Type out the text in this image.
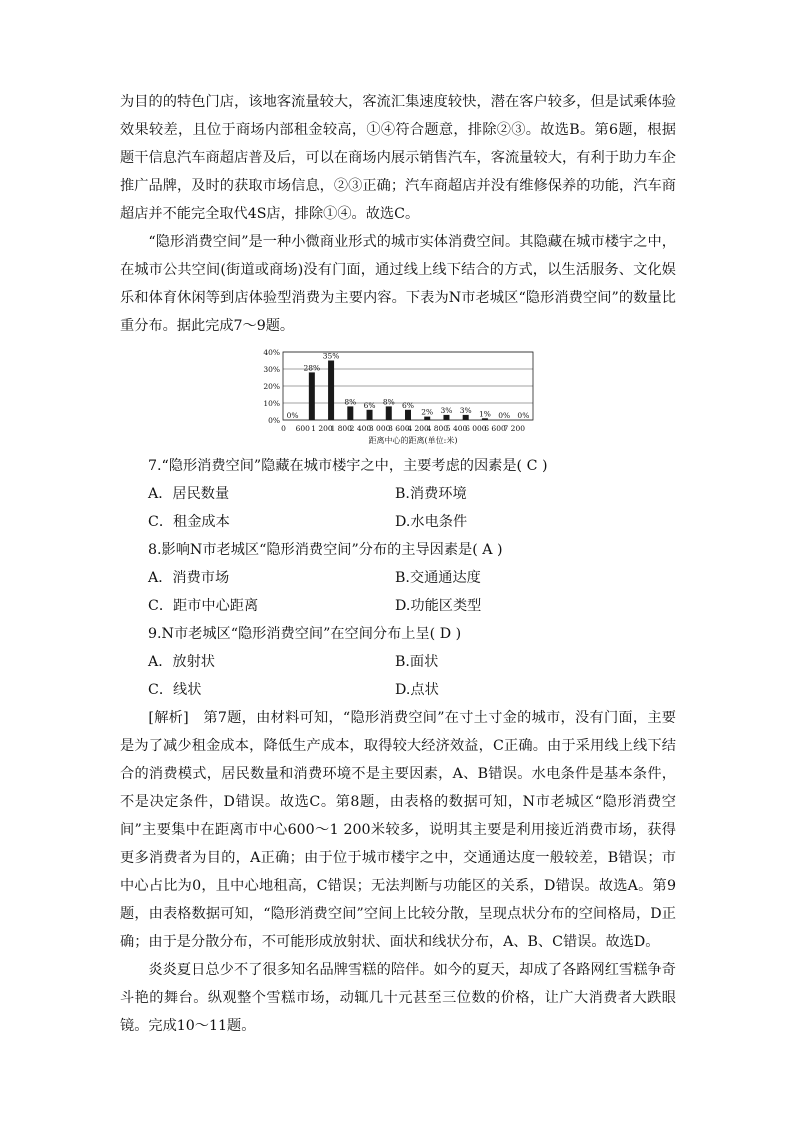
为目的的特色门店，该地客流量较大，客流汇集速度较快，潜在客户较多，但是试乘体验效果较差，且位于商场内部租金较高，①④符合题意，排除②③。故选B。第6题，根据题干信息汽车商超店普及后，可以在商场内展示销售汽车，客流量较大，有利于助力车企推广品牌，及时的获取市场信息，②③正确；汽车商超店并没有维修保养的功能，汽车商超店并不能完全取代4S店，排除①④。故选C。

“隐形消费空间”是一种小微商业形式的城市实体消费空间。其隐藏在城市楼宇之中，在城市公共空间(街道或商场)没有门面，通过线上线下结合的方式，以生活服务、文化娱乐和体育休闲等到店体验型消费为主要内容。下表为N市老城区“隐形消费空间”的数量比重分布。据此完成7～9题。

0%
10%
20%
30%
40%
0%
28%
35%
8% 6% 8% 6%
2% 3% 3% 1% 0% 0%
0 600 1 200
1 800
2 400
3 000
3 600
4 200
4 800
5 400
6 000
6 600
7 200
距离中心的距离(单位:米)

7.“隐形消费空间”隐藏在城市楼宇之中，主要考虑的因素是( C )

A．居民数量	B.消费环境
C．租金成本	D.水电条件

8.影响N市老城区“隐形消费空间”分布的主导因素是( A )

A．消费市场	B.交通通达度
C．距市中心距离	D.功能区类型

9.N市老城区“隐形消费空间”在空间分布上呈( D )

A．放射状	B.面状
C．线状	D.点状

[解析]　第7题，由材料可知，“隐形消费空间”在寸土寸金的城市，没有门面，主要是为了减少租金成本，降低生产成本，取得较大经济效益，C正确。由于采用线上线下结合的消费模式，居民数量和消费环境不是主要因素，A、B错误。水电条件是基本条件，不是决定条件，D错误。故选C。第8题，由表格的数据可知，N市老城区“隐形消费空间”主要集中在距离市中心600～1 200米较多，说明其主要是利用接近消费市场，获得更多消费者为目的，A正确；由于位于城市楼宇之中，交通通达度一般较差，B错误；市中心占比为0，且中心地租高，C错误；无法判断与功能区的关系，D错误。故选A。第9题，由表格数据可知，“隐形消费空间”空间上比较分散，呈现点状分布的空间格局，D正确；由于是分散分布，不可能形成放射状、面状和线状分布，A、B、C错误。故选D。

炎炎夏日总少不了很多知名品牌雪糕的陪伴。如今的夏天，却成了各路网红雪糕争奇斗艳的舞台。纵观整个雪糕市场，动辄几十元甚至三位数的价格，让广大消费者大跌眼镜。完成10～11题。
